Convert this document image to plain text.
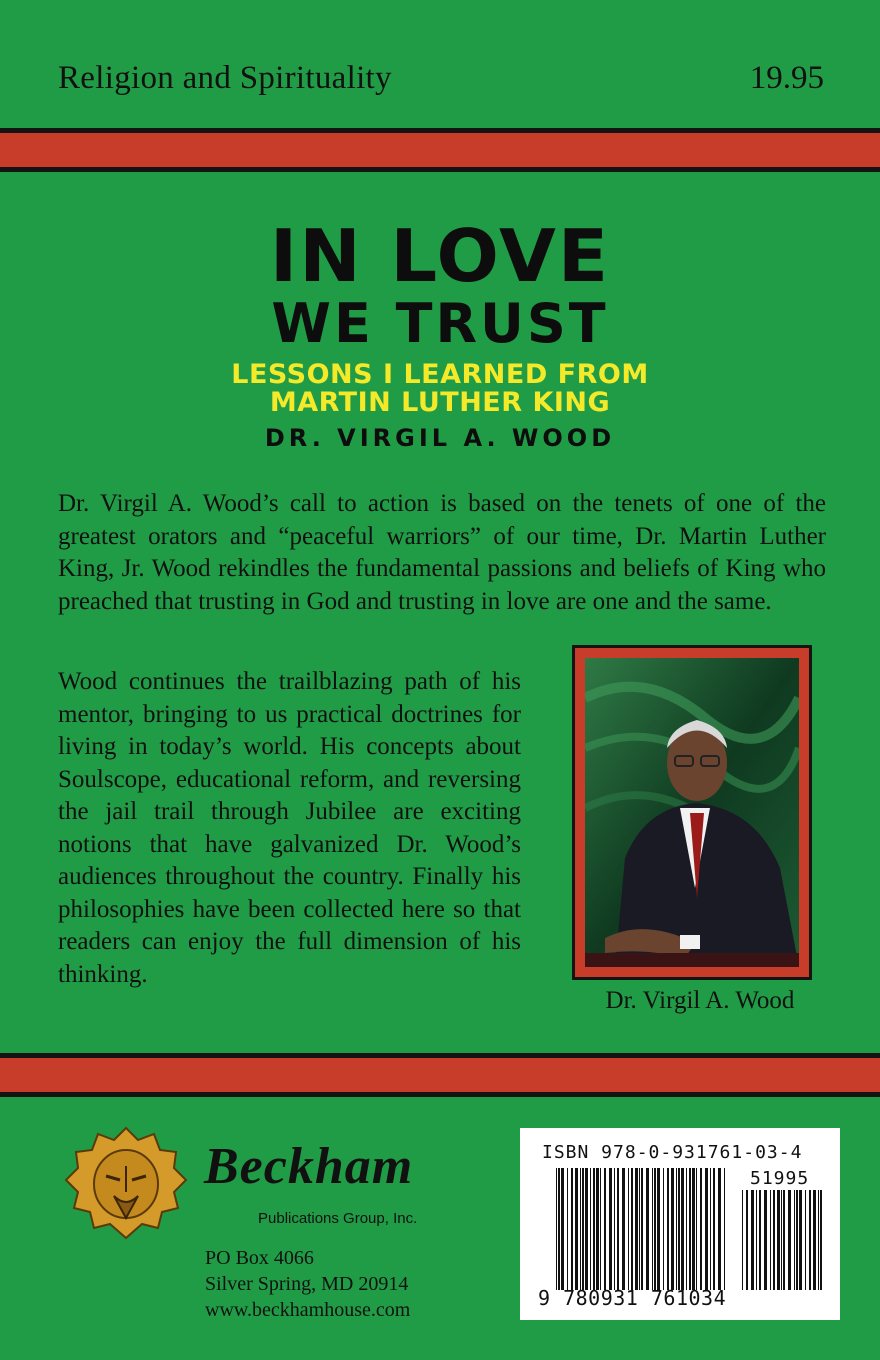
Religion and Spirituality	19.95
IN LOVE
WE TRUST
LESSONS I LEARNED FROM
MARTIN LUTHER KING
DR. VIRGIL A. WOOD
Dr. Virgil A. Wood’s call to action is based on the tenets of one of the greatest orators and “peaceful warriors” of our time, Dr. Martin Luther King, Jr. Wood rekindles the fundamental passions and beliefs of King who preached that trusting in God and trusting in love are one and the same.
Wood continues the trailblazing path of his mentor, bringing to us practical doctrines for living in today’s world. His concepts about Soulscope, educational reform, and reversing the jail trail through Jubilee are exciting notions that have galvanized Dr. Wood’s audiences throughout the country. Finally his philosophies have been collected here so that readers can enjoy the full dimension of his thinking.
Dr. Virgil A. Wood
Beckham
Publications Group, Inc.
PO Box 4066
Silver Spring, MD 20914
www.beckhamhouse.com
ISBN 978-0-931761-03-4
51995
9 780931 761034
